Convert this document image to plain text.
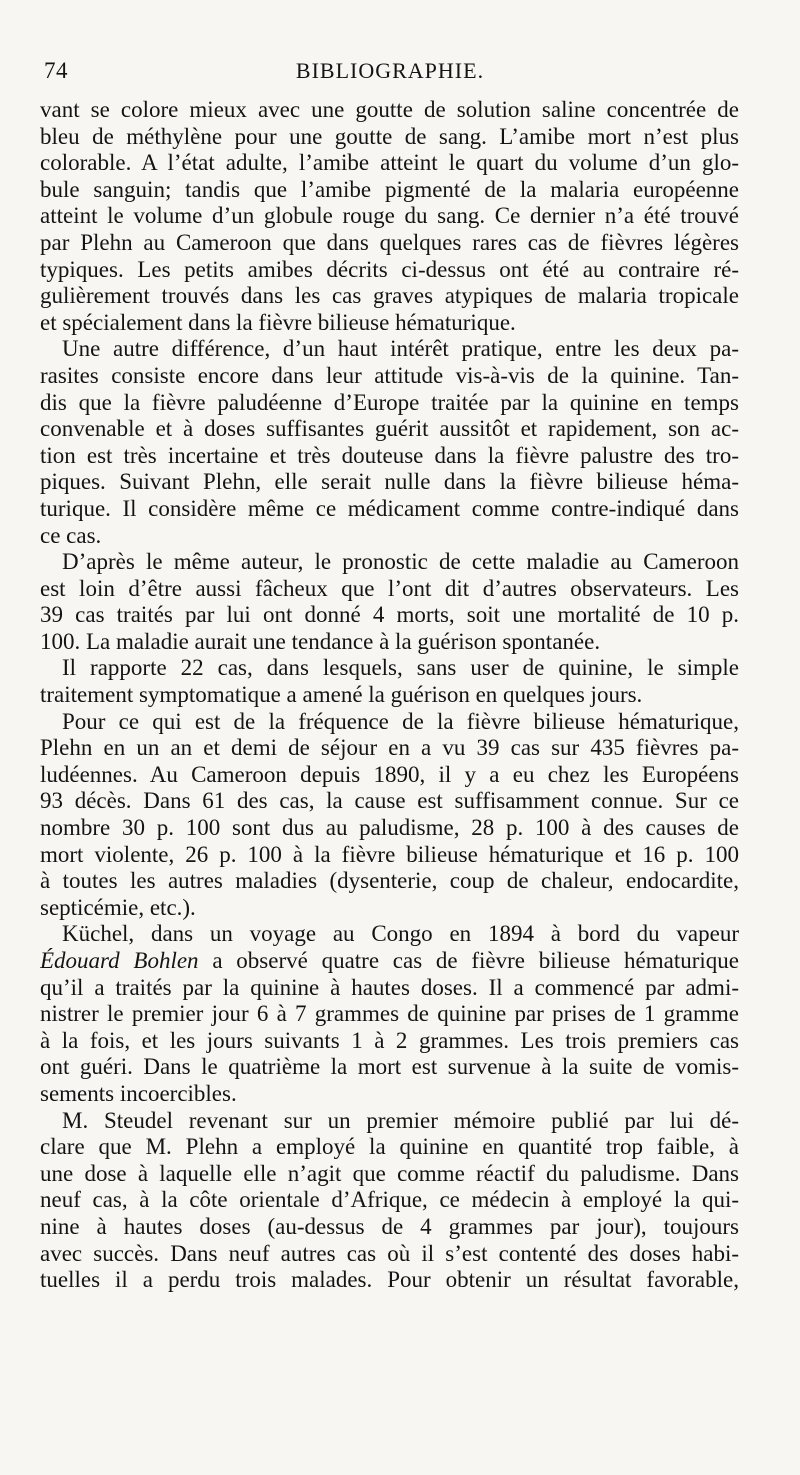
74	BIBLIOGRAPHIE.
vant se colore mieux avec une goutte de solution saline concentrée de
bleu de méthylène pour une goutte de sang. L’amibe mort n’est plus
colorable. A l’état adulte, l’amibe atteint le quart du volume d’un glo-
bule sanguin; tandis que l’amibe pigmenté de la malaria européenne
atteint le volume d’un globule rouge du sang. Ce dernier n’a été trouvé
par Plehn au Cameroon que dans quelques rares cas de fièvres légères
typiques. Les petits amibes décrits ci-dessus ont été au contraire ré-
gulièrement trouvés dans les cas graves atypiques de malaria tropicale
et spécialement dans la fièvre bilieuse hématurique.
Une autre différence, d’un haut intérêt pratique, entre les deux pa-
rasites consiste encore dans leur attitude vis-à-vis de la quinine. Tan-
dis que la fièvre paludéenne d’Europe traitée par la quinine en temps
convenable et à doses suffisantes guérit aussitôt et rapidement, son ac-
tion est très incertaine et très douteuse dans la fièvre palustre des tro-
piques. Suivant Plehn, elle serait nulle dans la fièvre bilieuse héma-
turique. Il considère même ce médicament comme contre-indiqué dans
ce cas.
D’après le même auteur, le pronostic de cette maladie au Cameroon
est loin d’être aussi fâcheux que l’ont dit d’autres observateurs. Les
39 cas traités par lui ont donné 4 morts, soit une mortalité de 10 p.
100. La maladie aurait une tendance à la guérison spontanée.
Il rapporte 22 cas, dans lesquels, sans user de quinine, le simple
traitement symptomatique a amené la guérison en quelques jours.
Pour ce qui est de la fréquence de la fièvre bilieuse hématurique,
Plehn en un an et demi de séjour en a vu 39 cas sur 435 fièvres pa-
ludéennes. Au Cameroon depuis 1890, il y a eu chez les Européens
93 décès. Dans 61 des cas, la cause est suffisamment connue. Sur ce
nombre 30 p. 100 sont dus au paludisme, 28 p. 100 à des causes de
mort violente, 26 p. 100 à la fièvre bilieuse hématurique et 16 p. 100
à toutes les autres maladies (dysenterie, coup de chaleur, endocardite,
septicémie, etc.).
Küchel, dans un voyage au Congo en 1894 à bord du vapeur
Édouard Bohlen a observé quatre cas de fièvre bilieuse hématurique
qu’il a traités par la quinine à hautes doses. Il a commencé par admi-
nistrer le premier jour 6 à 7 grammes de quinine par prises de 1 gramme
à la fois, et les jours suivants 1 à 2 grammes. Les trois premiers cas
ont guéri. Dans le quatrième la mort est survenue à la suite de vomis-
sements incoercibles.
M. Steudel revenant sur un premier mémoire publié par lui dé-
clare que M. Plehn a employé la quinine en quantité trop faible, à
une dose à laquelle elle n’agit que comme réactif du paludisme. Dans
neuf cas, à la côte orientale d’Afrique, ce médecin à employé la qui-
nine à hautes doses (au-dessus de 4 grammes par jour), toujours
avec succès. Dans neuf autres cas où il s’est contenté des doses habi-
tuelles il a perdu trois malades. Pour obtenir un résultat favorable,
